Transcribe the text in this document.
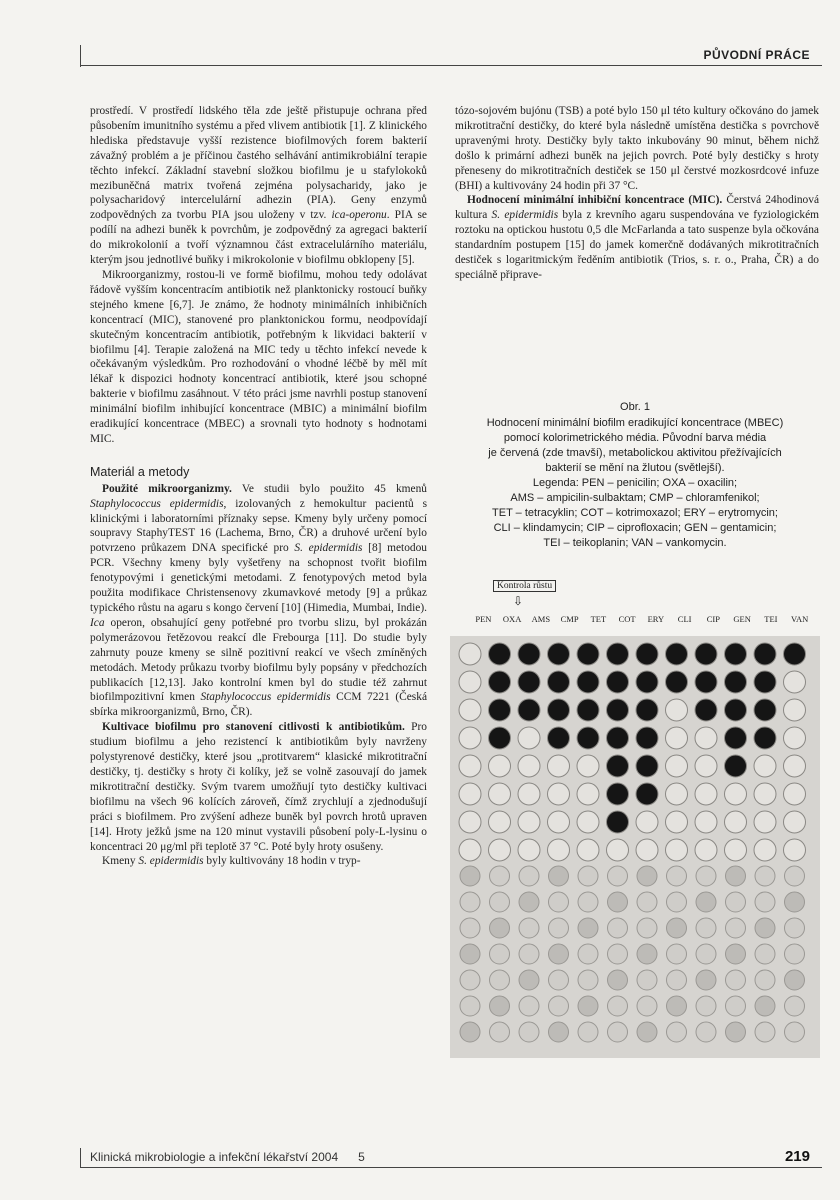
PŮVODNÍ PRÁCE

prostředí. V prostředí lidského těla zde ještě přistupuje ochrana před působením imunitního systému a před vlivem antibiotik [1]. Z klinického hlediska představuje vyšší rezistence biofilmových forem bakterií závažný problém a je příčinou častého selhávání antimikrobiální terapie těchto infekcí. Základní stavební složkou biofilmu je u stafylokoků mezibuněčná matrix tvořená zejména polysacharidy, jako je polysacharidový intercelulární adhezin (PIA). Geny enzymů zodpovědných za tvorbu PIA jsou uloženy v tzv. ica-operonu. PIA se podílí na adhezi buněk k povrchům, je zodpovědný za agregaci bakterií do mikrokolonií a tvoří významnou část extracelulárního materiálu, kterým jsou jednotlivé buňky i mikrokolonie v biofilmu obklopeny [5].

Mikroorganizmy, rostou-li ve formě biofilmu, mohou tedy odolávat řádově vyšším koncentracím antibiotik než planktonicky rostoucí buňky stejného kmene [6,7]. Je známo, že hodnoty minimálních inhibičních koncentrací (MIC), stanovené pro planktonickou formu, neodpovídají skutečným koncentracím antibiotik, potřebným k likvidaci bakterií v biofilmu [4]. Terapie založená na MIC tedy u těchto infekcí nevede k očekávaným výsledkům. Pro rozhodování o vhodné léčbě by měl mít lékař k dispozici hodnoty koncentrací antibiotik, které jsou schopné bakterie v biofilmu zasáhnout. V této práci jsme navrhli postup stanovení minimální biofilm inhibující koncentrace (MBIC) a minimální biofilm eradikující koncentrace (MBEC) a srovnali tyto hodnoty s hodnotami MIC.

Materiál a metody

Použité mikroorganizmy. Ve studii bylo použito 45 kmenů Staphylococcus epidermidis, izolovaných z hemokultur pacientů s klinickými i laboratorními příznaky sepse. Kmeny byly určeny pomocí soupravy StaphyTEST 16 (Lachema, Brno, ČR) a druhové určení bylo potvrzeno průkazem DNA specifické pro S. epidermidis [8] metodou PCR. Všechny kmeny byly vyšetřeny na schopnost tvořit biofilm fenotypovými i genetickými metodami. Z fenotypových metod byla použita modifikace Christensenovy zkumavkové metody [9] a průkaz typického růstu na agaru s kongo červení [10] (Himedia, Mumbai, Indie). Ica operon, obsahující geny potřebné pro tvorbu slizu, byl prokázán polymerázovou řetězovou reakcí dle Frebourga [11]. Do studie byly zahrnuty pouze kmeny se silně pozitivní reakcí ve všech zmíněných metodách. Metody průkazu tvorby biofilmu byly popsány v předchozích publikacích [12,13]. Jako kontrolní kmen byl do studie též zahrnut biofilmpozitivní kmen Staphylococcus epidermidis CCM 7221 (Česká sbírka mikroorganizmů, Brno, ČR).

Kultivace biofilmu pro stanovení citlivosti k antibiotikům. Pro studium biofilmu a jeho rezistencí k antibiotikům byly navrženy polystyrenové destičky, které jsou „protitvarem“ klasické mikrotitrační destičky, tj. destičky s hroty či kolíky, jež se volně zasouvají do jamek mikrotitrační destičky. Svým tvarem umožňují tyto destičky kultivaci biofilmu na všech 96 kolících zároveň, čímž zrychlují a zjednodušují práci s biofilmem. Pro zvýšení adheze buněk byl povrch hrotů upraven [14]. Hroty ježků jsme na 120 minut vystavili působení poly-L-lysinu o koncentraci 20 μg/ml při teplotě 37 °C. Poté byly hroty osušeny.

Kmeny S. epidermidis byly kultivovány 18 hodin v tryp-

tózo-sojovém bujónu (TSB) a poté bylo 150 μl této kultury očkováno do jamek mikrotitrační destičky, do které byla následně umístěna destička s povrchově upravenými hroty. Destičky byly takto inkubovány 90 minut, během nichž došlo k primární adhezi buněk na jejich povrch. Poté byly destičky s hroty přeneseny do mikrotitračních destiček se 150 μl čerstvé mozkosrdcové infuze (BHI) a kultivovány 24 hodin při 37 °C.

Hodnocení minimální inhibiční koncentrace (MIC). Čerstvá 24hodinová kultura S. epidermidis byla z krevního agaru suspendována ve fyziologickém roztoku na optickou hustotu 0,5 dle McFarlanda a tato suspenze byla očkována standardním postupem [15] do jamek komerčně dodávaných mikrotitračních destiček s logaritmickým ředěním antibiotik (Trios, s. r. o., Praha, ČR) a do speciálně připrave-

Obr. 1
Hodnocení minimální biofilm eradikující koncentrace (MBEC)
pomocí kolorimetrického média. Původní barva média
je červená (zde tmavší), metabolickou aktivitou přežívajících
bakterií se mění na žlutou (světlejší).
Legenda: PEN – penicilin; OXA – oxacilin;
AMS – ampicilin-sulbaktam; CMP – chloramfenikol;
TET – tetracyklin; COT – kotrimoxazol; ERY – erytromycin;
CLI – klindamycin; CIP – ciprofloxacin; GEN – gentamicin;
TEI – teikoplanin; VAN – vankomycin.
Kontrola růstu
⇩
PEN OXA AMS CMP TET COT ERY CLI CIP GEN TEI VAN
Klinická mikrobiologie a infekční lékařství 2004 5	219
